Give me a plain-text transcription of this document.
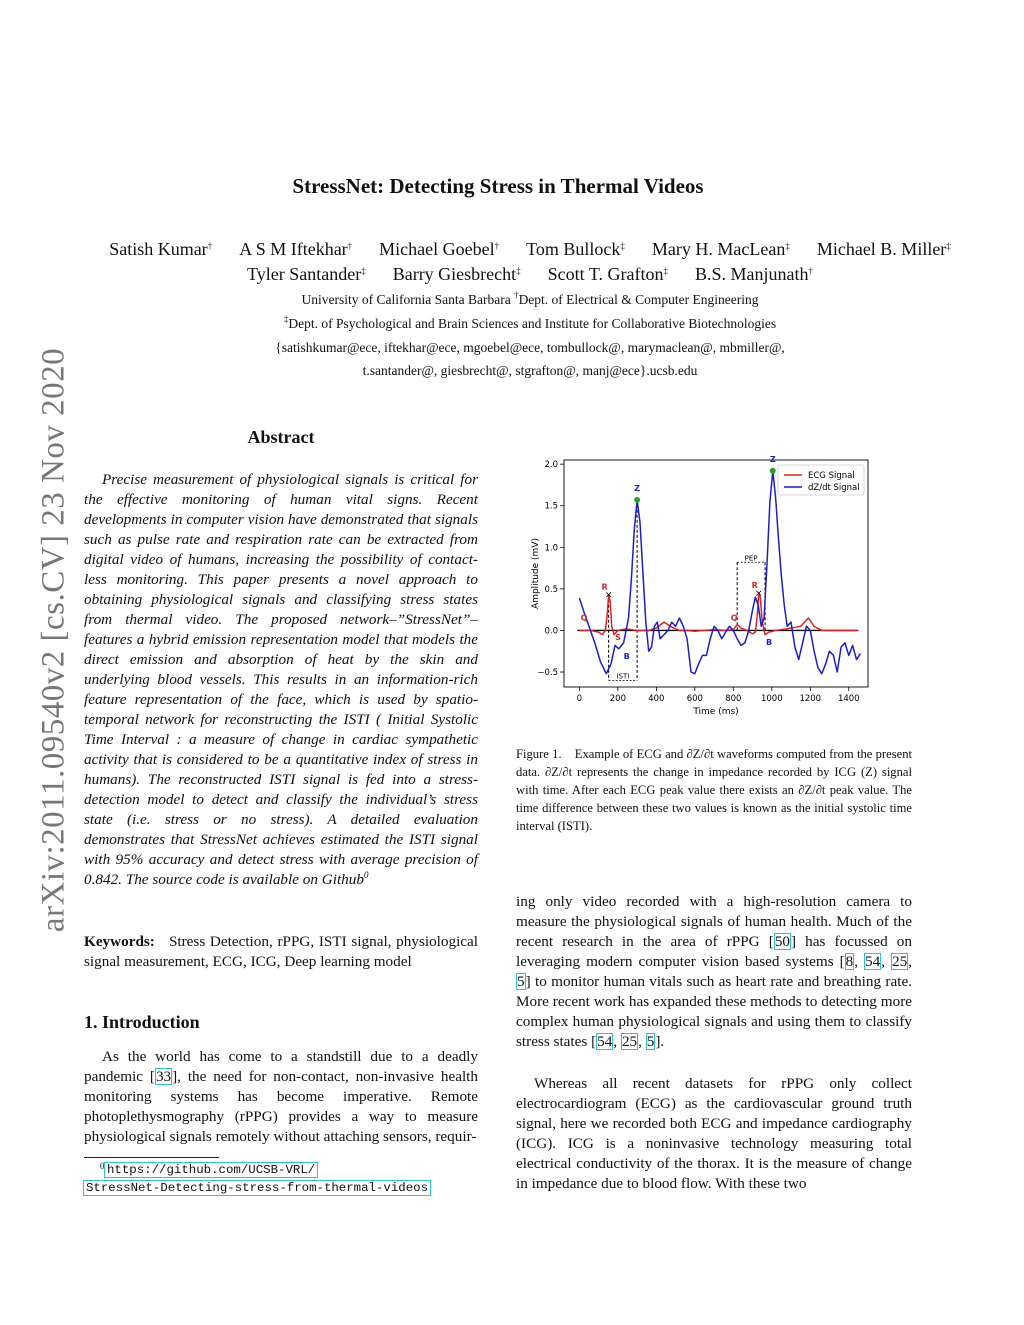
arXiv:2011.09540v2 [cs.CV] 23 Nov 2020
StressNet: Detecting Stress in Thermal Videos
Satish Kumar†   A S M Iftekhar†   Michael Goebel†   Tom Bullock‡   Mary H. MacLean‡   Michael B. Miller‡
Tyler Santander‡   Barry Giesbrecht‡   Scott T. Grafton‡   B.S. Manjunath†
University of California Santa Barbara †Dept. of Electrical & Computer Engineering
‡Dept. of Psychological and Brain Sciences and Institute for Collaborative Biotechnologies
{satishkumar@ece, iftekhar@ece, mgoebel@ece, tombullock@, marymaclean@, mbmiller@,
t.santander@, giesbrecht@, stgrafton@, manj@ece}.ucsb.edu
Abstract
Precise measurement of physiological signals is critical for the effective monitoring of human vital signs. Recent developments in computer vision have demonstrated that signals such as pulse rate and respiration rate can be extracted from digital video of humans, increasing the possibility of contact-less monitoring. This paper presents a novel approach to obtaining physiological signals and classifying stress states from thermal video. The proposed network–”StressNet”–features a hybrid emission representation model that models the direct emission and absorption of heat by the skin and underlying blood vessels. This results in an information-rich feature representation of the face, which is used by spatio-temporal network for reconstructing the ISTI ( Initial Systolic Time Interval : a measure of change in cardiac sympathetic activity that is considered to be a quantitative index of stress in humans). The reconstructed ISTI signal is fed into a stress-detection model to detect and classify the individual’s stress state (i.e. stress or no stress). A detailed evaluation demonstrates that StressNet achieves estimated the ISTI signal with 95% accuracy and detect stress with average precision of 0.842. The source code is available on Github$^0$
Keywords: Stress Detection, rPPG, ISTI signal, physiological signal measurement, ECG, ICG, Deep learning model
1. Introduction
As the world has come to a standstill due to a deadly pandemic [33], the need for non-contact, non-invasive health monitoring systems has become imperative. Remote photoplethysmography (rPPG) provides a way to measure physiological signals remotely without attaching sensors, requir-
0 https://github.com/UCSB-VRL/
StressNet-Detecting-stress-from-thermal-videos
0	200	400	600	800 1000 1200 1400
−0.5
0.0
0.5
1.0
1.5
2.0
Time (ms)
Amplitude (mV)
ISTI
PEP
Q
×
R
S
Q
×
R
B
B
Z
Z
ECG Signal
dZ/dt Signal
Figure 1. Example of ECG and ∂Z/∂t waveforms computed from the present data. ∂Z/∂t represents the change in impedance recorded by ICG (Z) signal with time. After each ECG peak value there exists an ∂Z/∂t peak value. The time difference between these two values is known as the initial systolic time interval (ISTI).
ing only video recorded with a high-resolution camera to measure the physiological signals of human health. Much of the recent research in the area of rPPG [50] has focussed on leveraging modern computer vision based systems [8, 54, 25, 5] to monitor human vitals such as heart rate and breathing rate. More recent work has expanded these methods to detecting more complex human physiological signals and using them to classify stress states [54, 25, 5].
Whereas all recent datasets for rPPG only collect electrocardiogram (ECG) as the cardiovascular ground truth signal, here we recorded both ECG and impedance cardiography (ICG). ICG is a noninvasive technology measuring total electrical conductivity of the thorax. It is the measure of change in impedance due to blood flow. With these two
